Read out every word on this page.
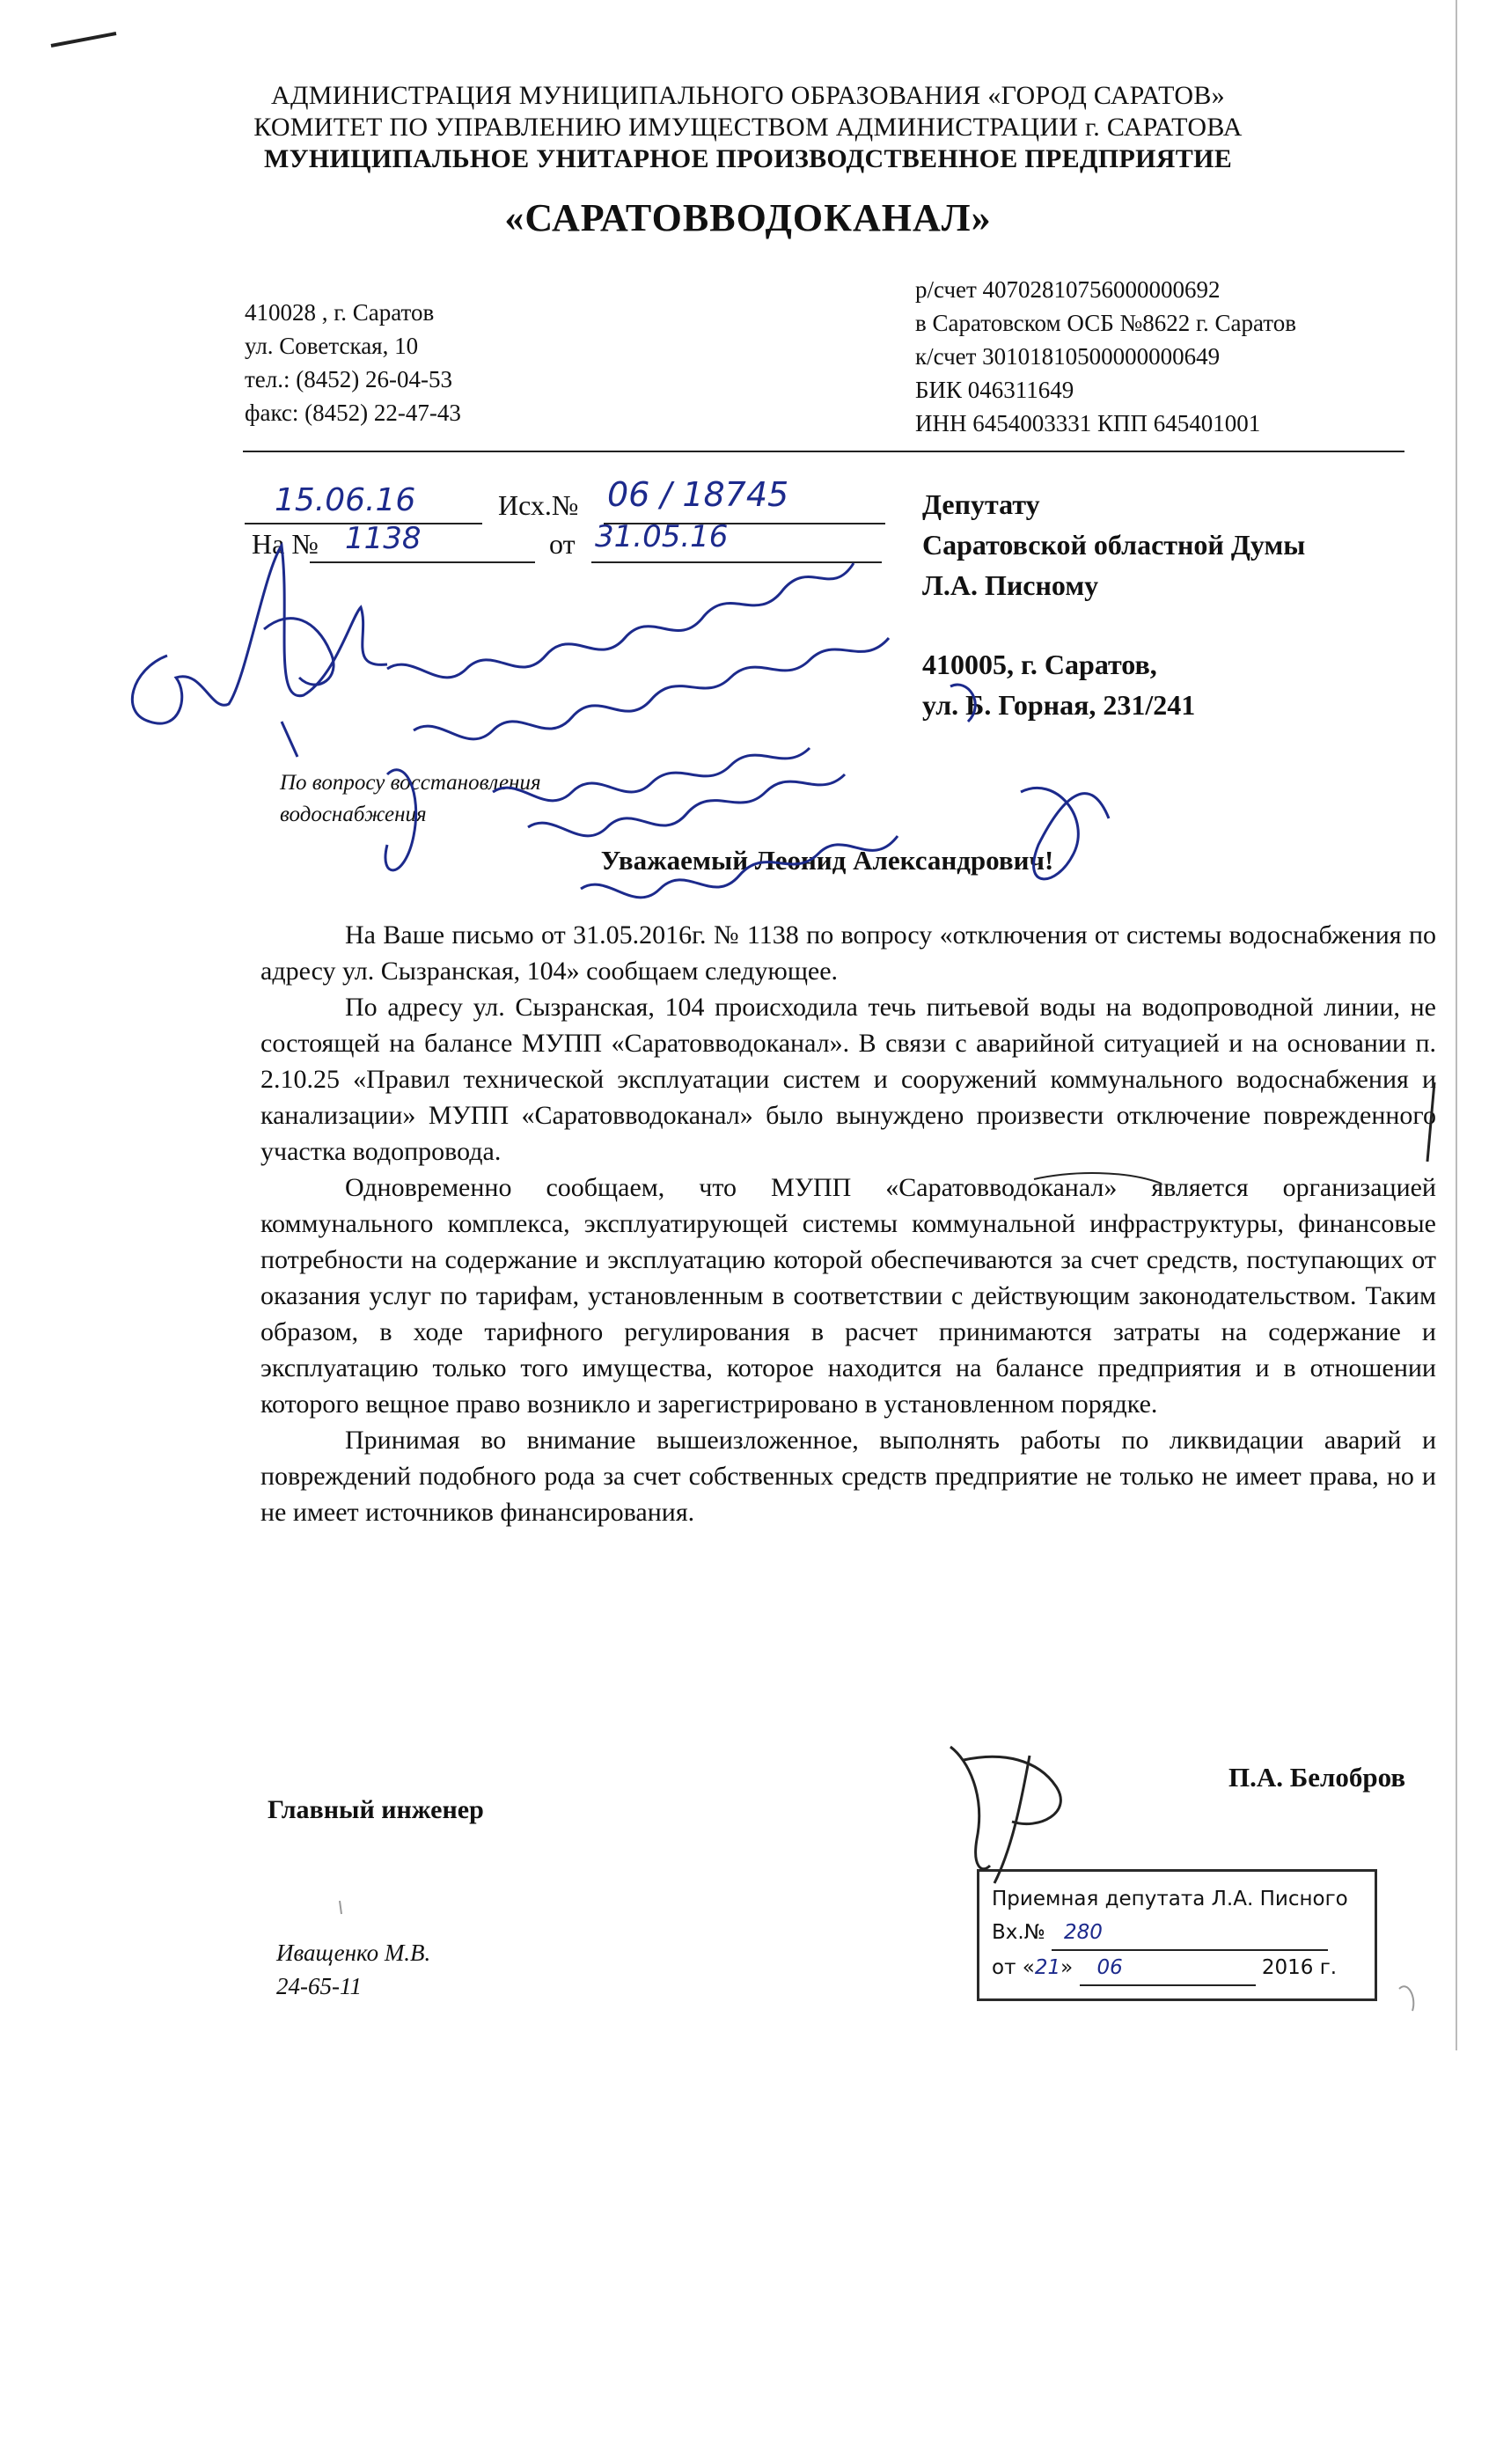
АДМИНИСТРАЦИЯ МУНИЦИПАЛЬНОГО ОБРАЗОВАНИЯ «ГОРОД САРАТОВ»
КОМИТЕТ ПО УПРАВЛЕНИЮ ИМУЩЕСТВОМ АДМИНИСТРАЦИИ г. САРАТОВА
МУНИЦИПАЛЬНОЕ УНИТАРНОЕ ПРОИЗВОДСТВЕННОЕ ПРЕДПРИЯТИЕ
«САРАТОВВОДОКАНАЛ»
410028 , г. Саратов
ул. Советская, 10
тел.: (8452) 26-04-53
факс: (8452) 22-47-43
р/счет 40702810756000000692
в Саратовском ОСБ №8622 г. Саратов
к/счет 30101810500000000649
БИК 046311649
ИНН 6454003331 КПП 645401001
15.06.16	Исх.№ 06 / 18745
На № 1138	от 31.05.16
Депутату
Саратовской областной Думы
Л.А. Писному
410005, г. Саратов,
ул. Б. Горная, 231/241
По вопросу восстановления
водоснабжения
Уважаемый Леонид Александрович!

На Ваше письмо от 31.05.2016г. № 1138 по вопросу «отключения от системы водоснабжения по адресу ул. Сызранская, 104» сообщаем следующее.

По адресу ул. Сызранская, 104 происходила течь питьевой воды на водопроводной линии, не состоящей на балансе МУПП «Саратовводоканал». В связи с аварийной ситуацией и на основании п. 2.10.25 «Правил технической эксплуатации систем и сооружений коммунального водоснабжения и канализации» МУПП «Саратовводоканал» было вынуждено произвести отключение поврежденного участка водопровода.

Одновременно сообщаем, что МУПП «Саратовводоканал» является организацией коммунального комплекса, эксплуатирующей системы коммунальной инфраструктуры, финансовые потребности на содержание и эксплуатацию которой обеспечиваются за счет средств, поступающих от оказания услуг по тарифам, установленным в соответствии с действующим законодательством. Таким образом, в ходе тарифного регулирования в расчет принимаются затраты на содержание и эксплуатацию только того имущества, которое находится на балансе предприятия и в отношении которого вещное право возникло и зарегистрировано в установленном порядке.

Принимая во внимание вышеизложенное, выполнять работы по ликвидации аварий и повреждений подобного рода за счет собственных средств предприятие не только не имеет права, но и не имеет источников финансирования.

Главный инженер
П.А. Белобров
Иващенко М.В.
24-65-11
Приемная депутата Л.А. Писного
Вх.№ 280
от «21» 06	2016 г.
